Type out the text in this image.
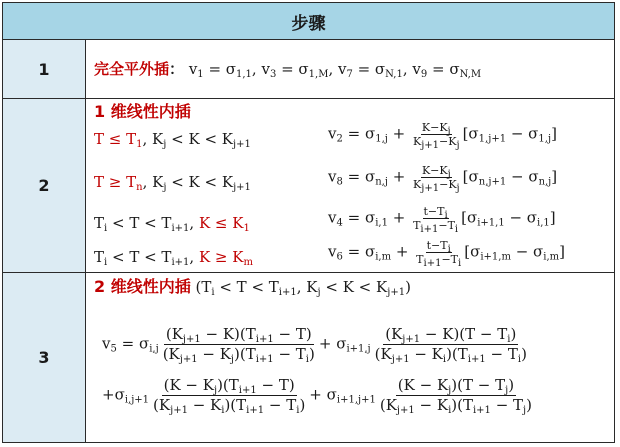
步骤
1	完全平外插： $v_1 = \sigma_{1,1}$, $v_3 = \sigma_{1,M}$, $v_7 = \sigma_{N,1}$, $v_9 = \sigma_{N,M}$
2
1 维线性内插
$T \le T_1$, $K_j < K < K_{j+1}$
$v_2 = \sigma_{1,j} + \frac{K-K_j}{K_{j+1}-K_j} [\sigma_{1,j+1} - \sigma_{1,j}]$
$T \ge T_n$, $K_j < K < K_{j+1}$
$v_8 = \sigma_{n,j} + \frac{K-K_j}{K_{j+1}-K_j} [\sigma_{n,j+1} - \sigma_{n,j}]$
$T_i < T < T_{i+1}$, $K \le K_1$
$v_4 = \sigma_{i,1} + \frac{t-T_i}{T_{i+1}-T_i} [\sigma_{i+1,1} - \sigma_{i,1}]$
$T_i < T < T_{i+1}$, $K \ge K_m$
$v_6 = \sigma_{i,m} + \frac{t-T_i}{T_{i+1}-T_i} [\sigma_{i+1,m} - \sigma_{i,m}]$
3
2 维线性内插 ($T_i < T < T_{i+1}$, $K_j < K < K_{j+1}$)
$v_5 = \sigma_{i,j} \frac{(K_{j+1} - K)(T_{i+1} - T)}{(K_{j+1} - K_j)(T_{i+1} - T_i)} + \sigma_{i+1,j} \frac{(K_{j+1} - K)(T - T_i)}{(K_{j+1} - K_i)(T_{i+1} - T_i)}$
$+\sigma_{i,j+1} \frac{(K - K_j)(T_{i+1} - T)}{(K_{j+1} - K_i)(T_{i+1} - T_i)} + \sigma_{i+1,j+1} \frac{(K - K_j)(T - T_j)}{(K_{j+1} - K_i)(T_{i+1} - T_j)}$
